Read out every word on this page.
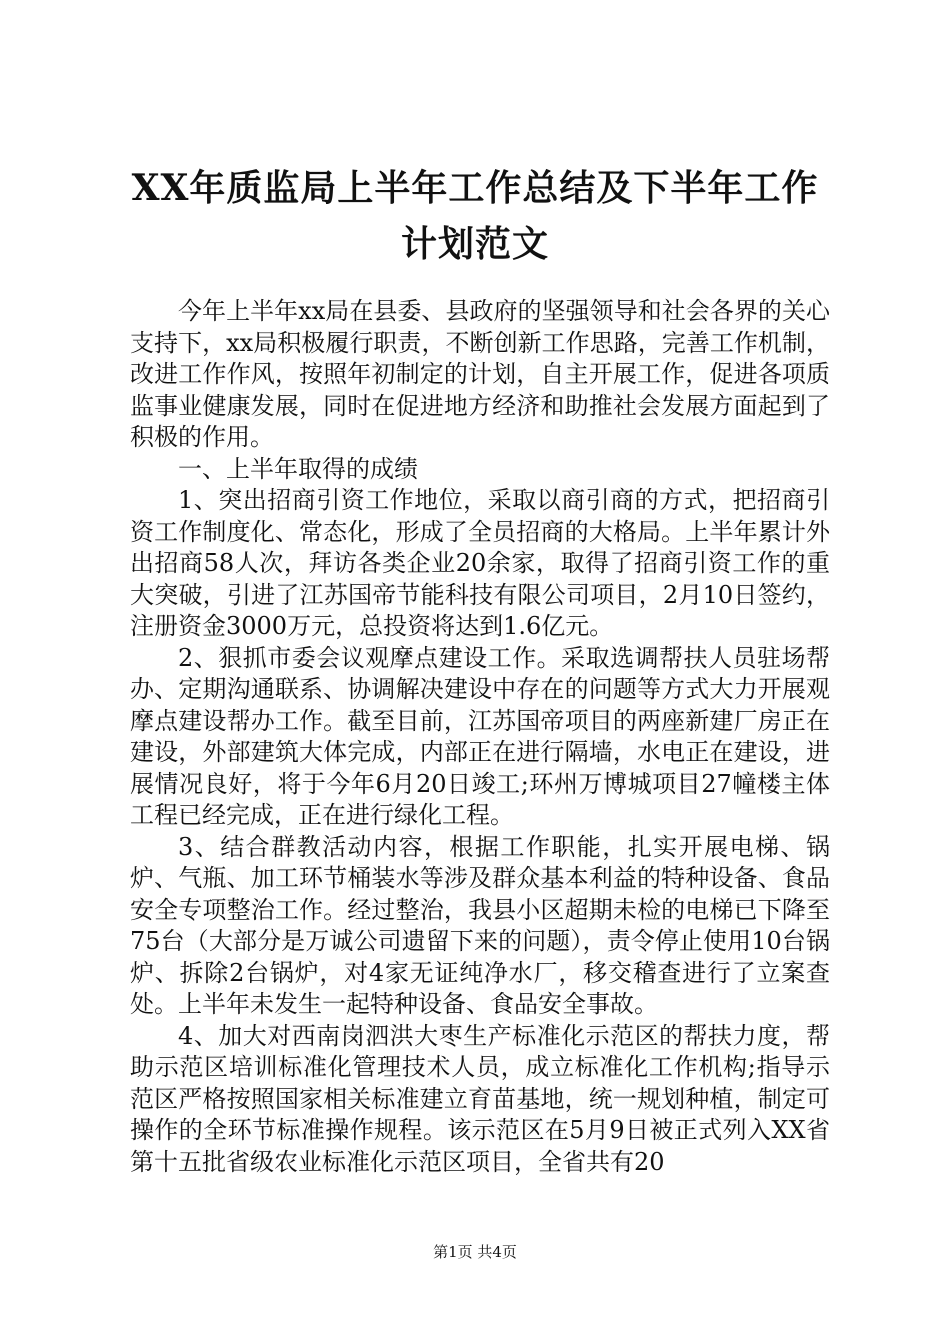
XX年质监局上半年工作总结及下半年工作计划范文

今年上半年xx局在县委、县政府的坚强领导和社会各界的关心支持下，xx局积极履行职责，不断创新工作思路，完善工作机制，改进工作作风，按照年初制定的计划，自主开展工作，促进各项质监事业健康发展，同时在促进地方经济和助推社会发展方面起到了积极的作用。

一、上半年取得的成绩

1、突出招商引资工作地位，采取以商引商的方式，把招商引资工作制度化、常态化，形成了全员招商的大格局。上半年累计外出招商58人次，拜访各类企业20余家，取得了招商引资工作的重大突破，引进了江苏国帝节能科技有限公司项目，2月10日签约，注册资金3000万元，总投资将达到1.6亿元。

2、狠抓市委会议观摩点建设工作。采取选调帮扶人员驻场帮办、定期沟通联系、协调解决建设中存在的问题等方式大力开展观摩点建设帮办工作。截至目前，江苏国帝项目的两座新建厂房正在建设，外部建筑大体完成，内部正在进行隔墙，水电正在建设，进展情况良好，将于今年6月20日竣工;环州万博城项目27幢楼主体工程已经完成，正在进行绿化工程。

3、结合群教活动内容，根据工作职能，扎实开展电梯、锅炉、气瓶、加工环节桶装水等涉及群众基本利益的特种设备、食品安全专项整治工作。经过整治，我县小区超期未检的电梯已下降至75台（大部分是万诚公司遗留下来的问题），责令停止使用10台锅炉、拆除2台锅炉，对4家无证纯净水厂，移交稽查进行了立案查处。上半年未发生一起特种设备、食品安全事故。

4、加大对西南岗泗洪大枣生产标准化示范区的帮扶力度，帮助示范区培训标准化管理技术人员，成立标准化工作机构;指导示范区严格按照国家相关标准建立育苗基地，统一规划种植，制定可操作的全环节标准操作规程。该示范区在5月9日被正式列入XX省第十五批省级农业标准化示范区项目，全省共有20

第1页 共4页
